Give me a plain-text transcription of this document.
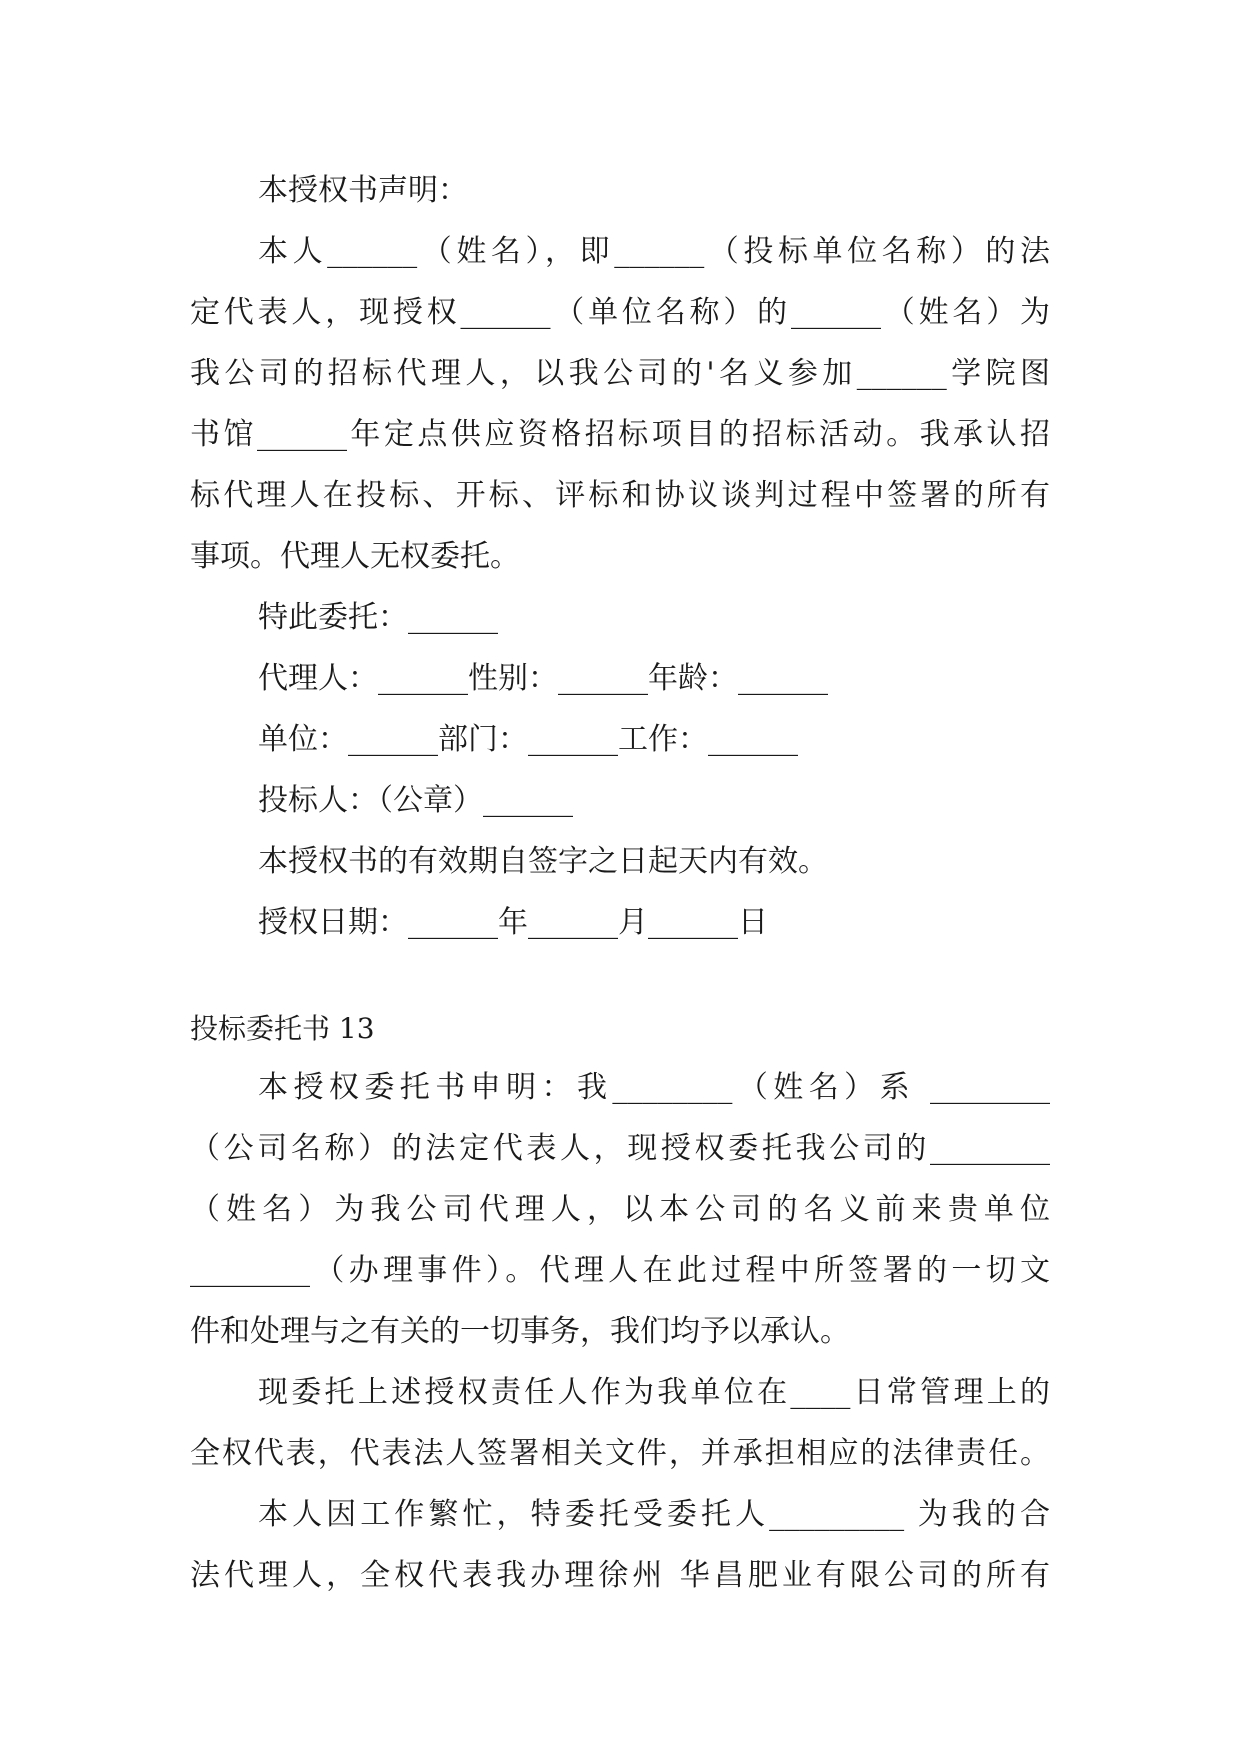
本授权书声明：
本人______（姓名），即______（投标单位名称）的法
定代表人，现授权______（单位名称）的______（姓名）为
我公司的招标代理人，以我公司的'名义参加______学院图
书馆______年定点供应资格招标项目的招标活动。我承认招
标代理人在投标、开标、评标和协议谈判过程中签署的所有
事项。代理人无权委托。
特此委托：______
代理人：______性别：______年龄：______
单位：______部门：______工作：______
投标人：（公章）______
本授权书的有效期自签字之日起天内有效。
授权日期：______年______月______日
投标委托书 13
本授权委托书申明：我________（姓名）系 ________
（公司名称）的法定代表人，现授权委托我公司的________
（姓名）为我公司代理人，以本公司的名义前来贵单位
________（办理事件）。代理人在此过程中所签署的一切文
件和处理与之有关的一切事务，我们均予以承认。
现委托上述授权责任人作为我单位在____日常管理上的
全权代表，代表法人签署相关文件，并承担相应的法律责任。
本人因工作繁忙，特委托受委托人_________ 为我的合
法代理人，全权代表我办理徐州 华昌肥业有限公司的所有
